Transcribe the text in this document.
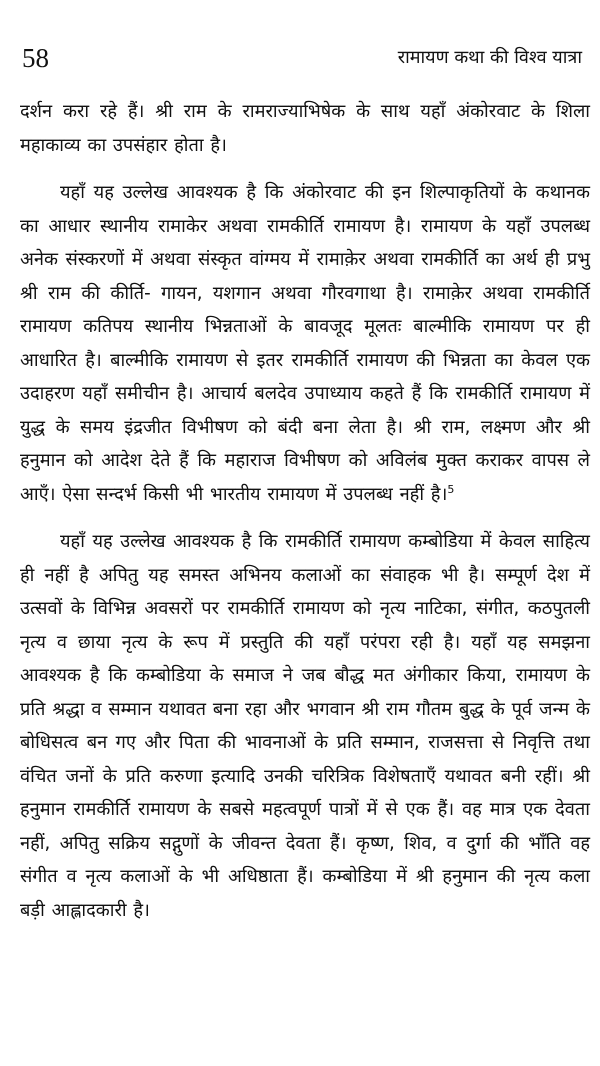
58	रामायण कथा की विश्व यात्रा

दर्शन करा रहे हैं। श्री राम के रामराज्याभिषेक के साथ यहाँ अंकोरवाट के शिला महाकाव्य का उपसंहार होता है।

यहाँ यह उल्लेख आवश्यक है कि अंकोरवाट की इन शिल्पाकृतियों के कथानक का आधार स्थानीय रामाकेर अथवा रामकीर्ति रामायण है। रामायण के यहाँ उपलब्ध अनेक संस्करणों में अथवा संस्कृत वांग्मय में रामाक़ेर अथवा रामकीर्ति का अर्थ ही प्रभु श्री राम की कीर्ति- गायन, यशगान अथवा गौरवगाथा है। रामाक़ेर अथवा रामकीर्ति रामायण कतिपय स्थानीय भिन्नताओं के बावजूद मूलतः बाल्मीकि रामायण पर ही आधारित है। बाल्मीकि रामायण से इतर रामकीर्ति रामायण की भिन्नता का केवल एक उदाहरण यहाँ समीचीन है। आचार्य बलदेव उपाध्याय कहते हैं कि रामकीर्ति रामायण में युद्ध के समय इंद्रजीत विभीषण को बंदी बना लेता है। श्री राम, लक्ष्मण और श्री हनुमान को आदेश देते हैं कि महाराज विभीषण को अविलंब मुक्त कराकर वापस ले आएँ। ऐसा सन्दर्भ किसी भी भारतीय रामायण में उपलब्ध नहीं है।$^5$

यहाँ यह उल्लेख आवश्यक है कि रामकीर्ति रामायण कम्बोडिया में केवल साहित्य ही नहीं है अपितु यह समस्त अभिनय कलाओं का संवाहक भी है। सम्पूर्ण देश में उत्सवों के विभिन्न अवसरों पर रामकीर्ति रामायण को नृत्य नाटिका, संगीत, कठपुतली नृत्य व छाया नृत्य के रूप में प्रस्तुति की यहाँ परंपरा रही है। यहाँ यह समझना आवश्यक है कि कम्बोडिया के समाज ने जब बौद्ध मत अंगीकार किया, रामायण के प्रति श्रद्धा व सम्मान यथावत बना रहा और भगवान श्री राम गौतम बुद्ध के पूर्व जन्म के बोधिसत्व बन गए और पिता की भावनाओं के प्रति सम्मान, राजसत्ता से निवृत्ति तथा वंचित जनों के प्रति करुणा इत्यादि उनकी चरित्रिक विशेषताएँ यथावत बनी रहीं। श्री हनुमान रामकीर्ति रामायण के सबसे महत्वपूर्ण पात्रों में से एक हैं। वह मात्र एक देवता नहीं, अपितु सक्रिय सद्गुणों के जीवन्त देवता हैं। कृष्ण, शिव, व दुर्गा की भाँति वह संगीत व नृत्य कलाओं के भी अधिष्ठाता हैं। कम्बोडिया में श्री हनुमान की नृत्य कला बड़ी आह्लादकारी है।
